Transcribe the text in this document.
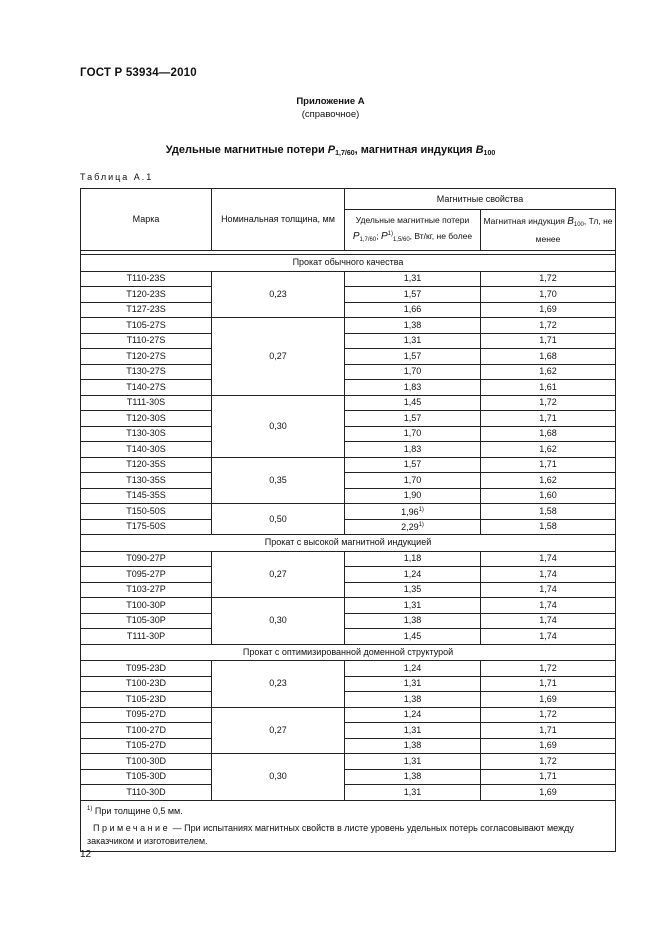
ГОСТ Р 53934—2010
Приложение А
(справочное)
Удельные магнитные потери $P_{1,7/60}$, магнитная индукция $B_{100}$
Таблица А.1
Марка	Номинальная толщина, мм	Магнитные свойства	

		Удельные магнитные потери
$P_{1,7/60}$; $P^{1)}_{1,5/60}$, Вт/кг, не более	Магнитная индукция $B_{100}$, Тл, не менее

Прокат обычного качества			
Т110-23S	0,23	1,31	1,72
Т120-23S		1,57	1,70
Т127-23S		1,66	1,69
Т105-27S	0,27	1,38	1,72
Т110-27S		1,31	1,71
Т120-27S		1,57	1,68
Т130-27S		1,70	1,62
Т140-27S		1,83	1,61
Т111-30S	0,30	1,45	1,72
Т120-30S		1,57	1,71
Т130-30S		1,70	1,68
Т140-30S		1,83	1,62
Т120-35S	0,35	1,57	1,71
Т130-35S		1,70	1,62
Т145-35S		1,90	1,60
Т150-50S	0,50	1,96$^{1)}$	1,58
Т175-50S		2,29$^{1)}$	1,58
Прокат с высокой магнитной индукцией			
Т090-27Р	0,27	1,18	1,74
Т095-27Р		1,24	1,74
Т103-27Р		1,35	1,74
Т100-30Р	0,30	1,31	1,74
Т105-30Р		1,38	1,74
Т111-30Р		1,45	1,74
Прокат с оптимизированной доменной структурой			
Т095-23D	0,23	1,24	1,72
Т100-23D		1,31	1,71
Т105-23D		1,38	1,69
Т095-27D	0,27	1,24	1,72
Т100-27D		1,31	1,71
Т105-27D		1,38	1,69
Т100-30D	0,30	1,31	1,72
Т105-30D		1,38	1,71
Т110-30D		1,31	1,69

$^{1)}$ При толщине 0,5 мм.
Примечание — При испытаниях магнитных свойств в листе уровень удельных потерь согласовывают между заказчиком и изготовителем.			
12
